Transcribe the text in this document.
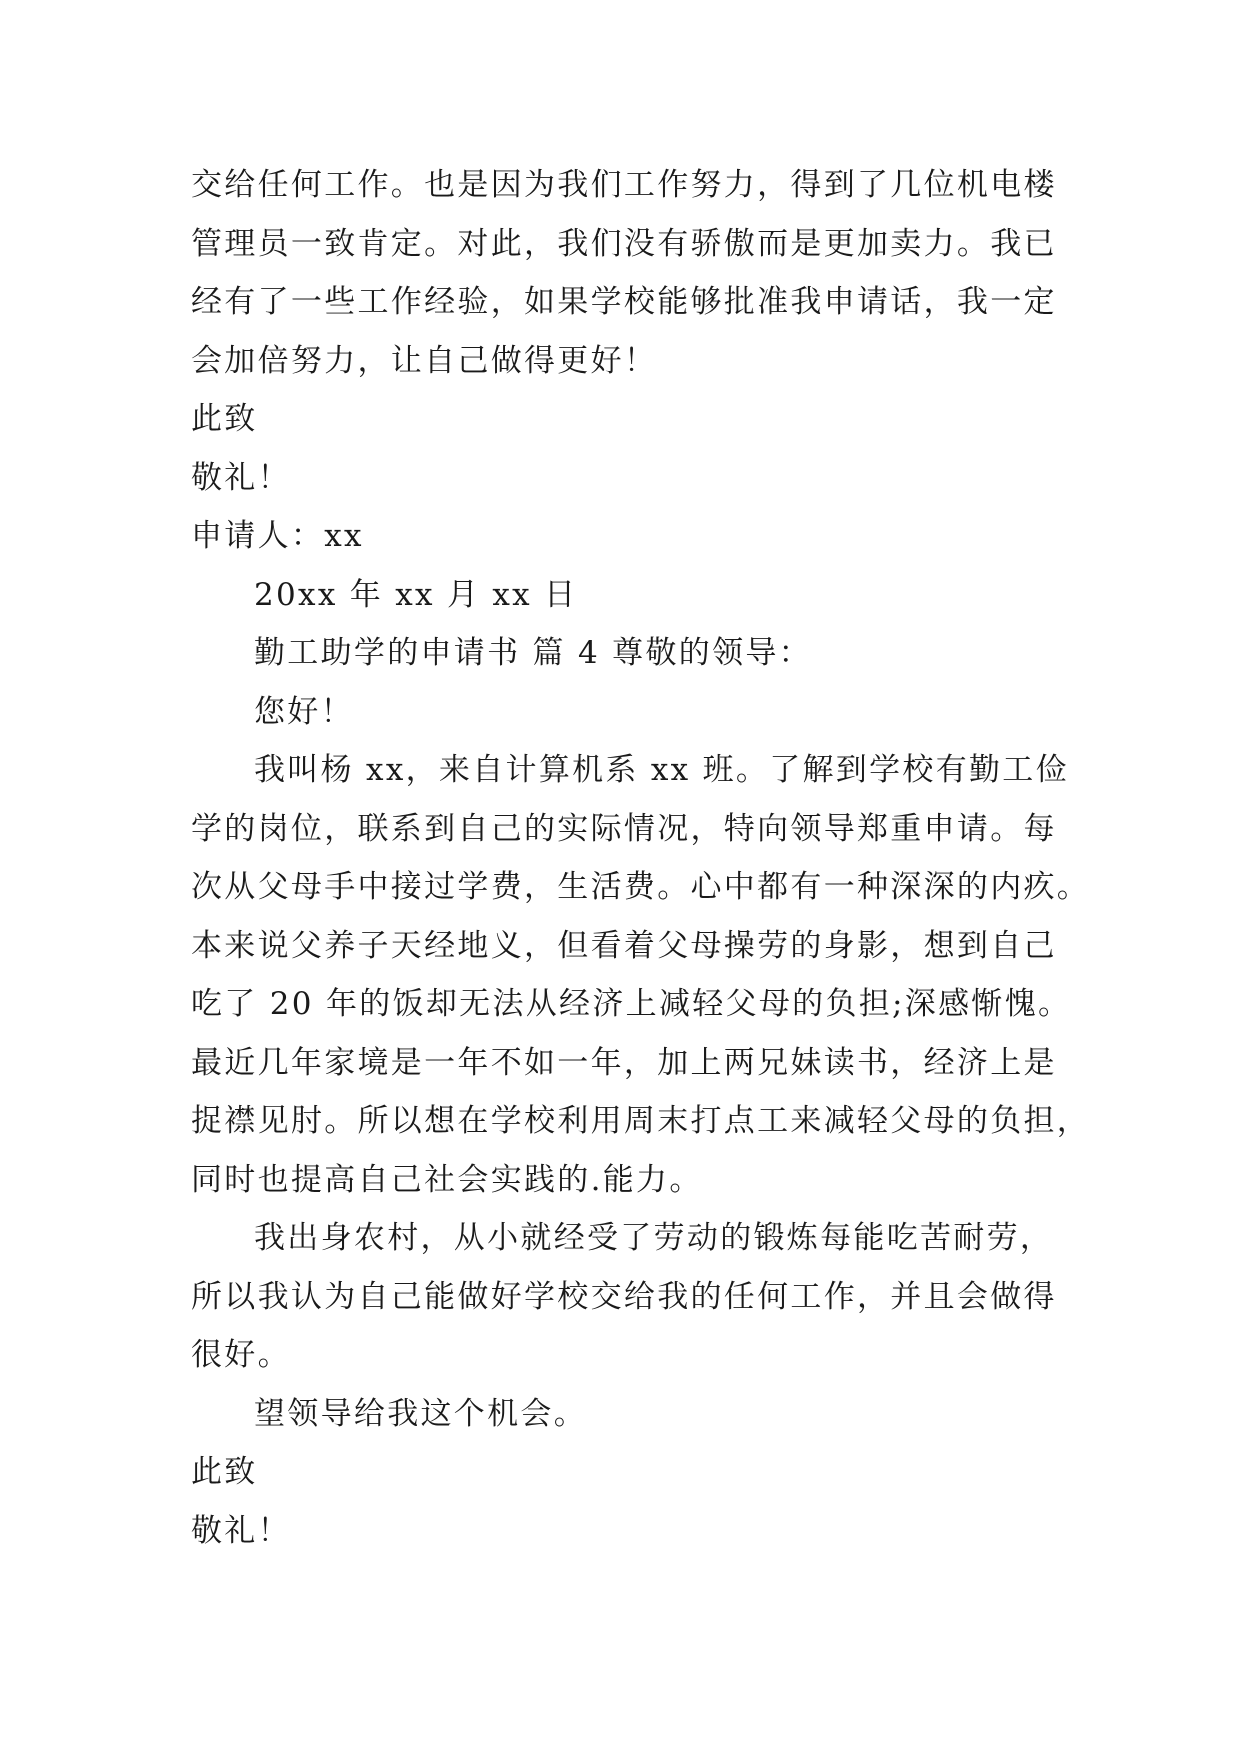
交给任何工作。也是因为我们工作努力，得到了几位机电楼
管理员一致肯定。对此，我们没有骄傲而是更加卖力。我已
经有了一些工作经验，如果学校能够批准我申请话，我一定
会加倍努力，让自己做得更好！
此致
敬礼！
申请人：xx
20xx 年 xx 月 xx 日
勤工助学的申请书 篇 4 尊敬的领导：
您好！
我叫杨 xx，来自计算机系 xx 班。了解到学校有勤工俭
学的岗位，联系到自己的实际情况，特向领导郑重申请。每
次从父母手中接过学费，生活费。心中都有一种深深的内疚。
本来说父养子天经地义，但看着父母操劳的身影，想到自己
吃了 20 年的饭却无法从经济上减轻父母的负担;深感惭愧。
最近几年家境是一年不如一年，加上两兄妹读书，经济上是
捉襟见肘。所以想在学校利用周末打点工来减轻父母的负担，
同时也提高自己社会实践的.能力。
我出身农村，从小就经受了劳动的锻炼每能吃苦耐劳，
所以我认为自己能做好学校交给我的任何工作，并且会做得
很好。
望领导给我这个机会。
此致
敬礼！
